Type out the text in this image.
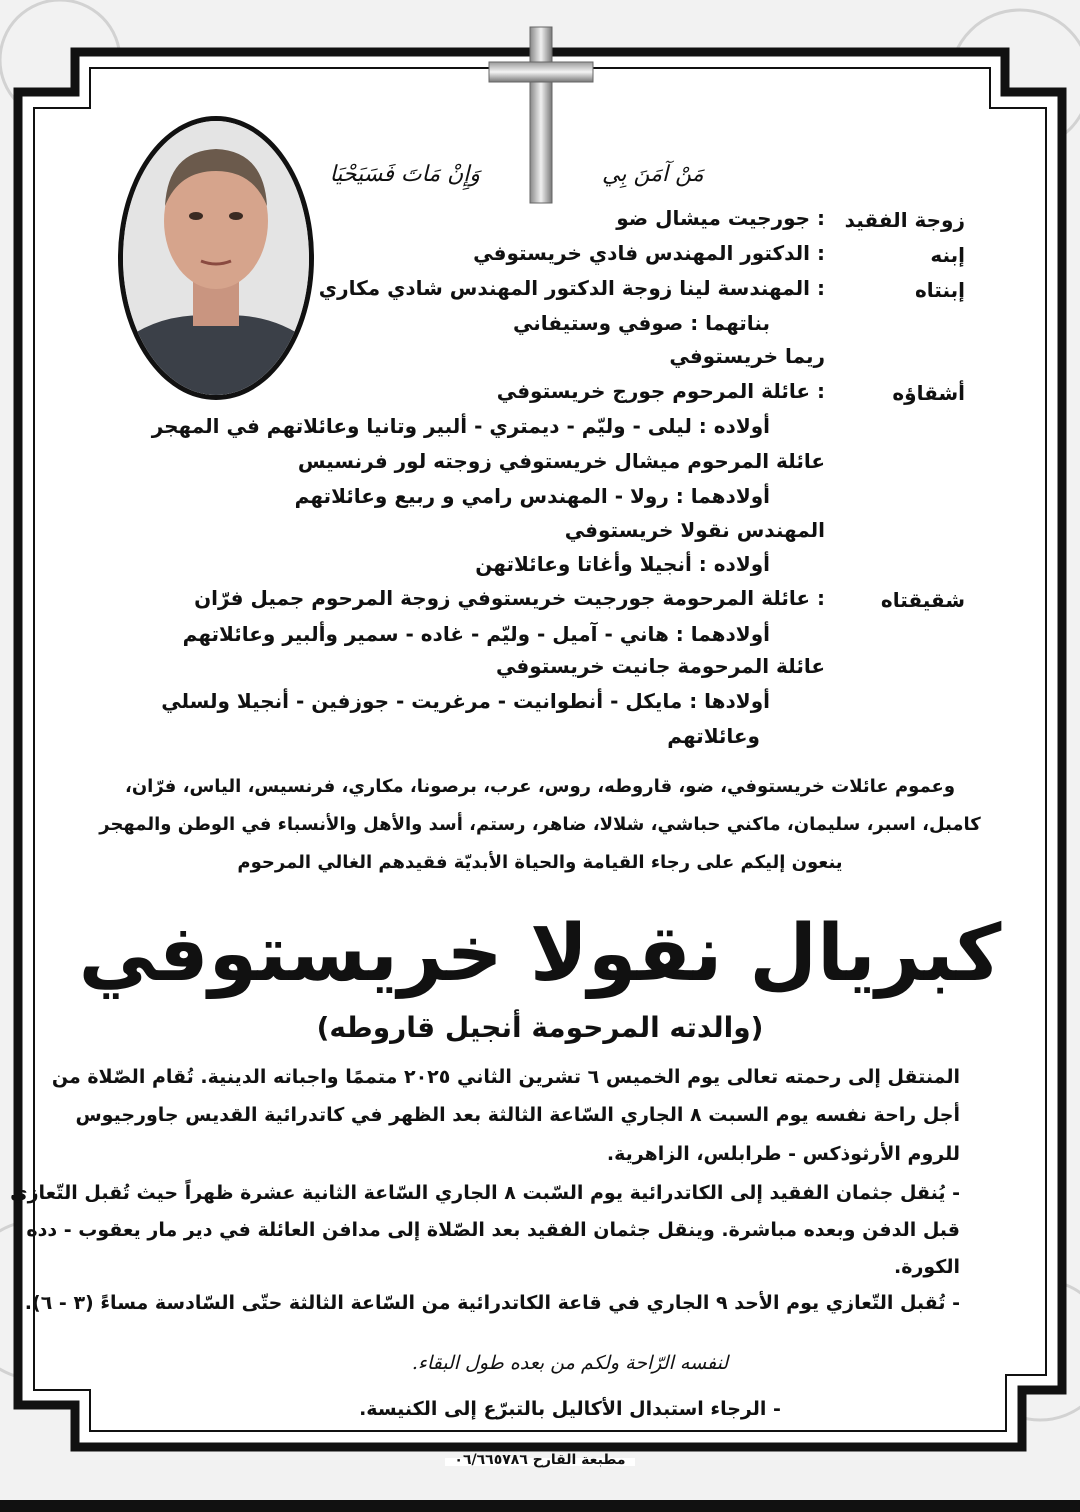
مَنْ آمَنَ بِي
وَإِنْ مَاتَ فَسَيَحْيَا
زوجة الفقيد
: جورجيت ميشال ضو
إبنه
: الدكتور المهندس فادي خريستوفي
إبنتاه
: المهندسة لينا زوجة الدكتور المهندس شادي مكاري
بناتهما : صوفي وستيفاني
ريما خريستوفي
أشقاؤه
: عائلة المرحوم جورج خريستوفي
أولاده : ليلى - وليّم - ديمتري - ألبير وتانيا وعائلاتهم في المهجر
عائلة المرحوم ميشال خريستوفي زوجته لور فرنسيس
أولادهما : رولا - المهندس رامي و ربيع وعائلاتهم
المهندس نقولا خريستوفي
أولاده : أنجيلا وأغاتا وعائلاتهن
شقيقتاه
: عائلة المرحومة جورجيت خريستوفي زوجة المرحوم جميل فرّان
أولادهما : هاني - آميل - وليّم - غاده - سمير وألبير وعائلاتهم
عائلة المرحومة جانيت خريستوفي
أولادها : مايكل - أنطوانيت - مرغريت - جوزفين - أنجيلا ولسلي
وعائلاتهم
وعموم عائلات خريستوفي، ضو، قاروطه، روس، عرب، برصونا، مكاري، فرنسيس، الياس، فرّان،
كامبل، اسبر، سليمان، ماكني حباشي، شلالا، ضاهر، رستم، أسد والأهل والأنسباء في الوطن والمهجر
ينعون إليكم على رجاء القيامة والحياة الأبديّة فقيدهم الغالي المرحوم
كبريال نقولا خريستوفي
(والدته المرحومة أنجيل قاروطه)
المنتقل إلى رحمته تعالى يوم الخميس ٦ تشرين الثاني ٢٠٢٥ متممًا واجباته الدينية. تُقام الصّلاة من
أجل راحة نفسه يوم السبت ٨ الجاري السّاعة الثالثة بعد الظهر في كاتدرائية القديس جاورجيوس
للروم الأرثوذكس - طرابلس، الزاهرية.
- يُنقل جثمان الفقيد إلى الكاتدرائية يوم السّبت ٨ الجاري السّاعة الثانية عشرة ظهراً حيث تُقبل التّعازي
قبل الدفن وبعده مباشرة. وينقل جثمان الفقيد بعد الصّلاة إلى مدافن العائلة في دير مار يعقوب - دده
الكورة.
- تُقبل التّعازي يوم الأحد ٩ الجاري في قاعة الكاتدرائية من السّاعة الثالثة حتّى السّادسة مساءً (٣ - ٦).
لنفسه الرّاحة ولكم من بعده طول البقاء.
- الرجاء استبدال الأكاليل بالتبرّع إلى الكنيسة.
مطبعة القارح ٠٦/٦٦٥٧٨٦
